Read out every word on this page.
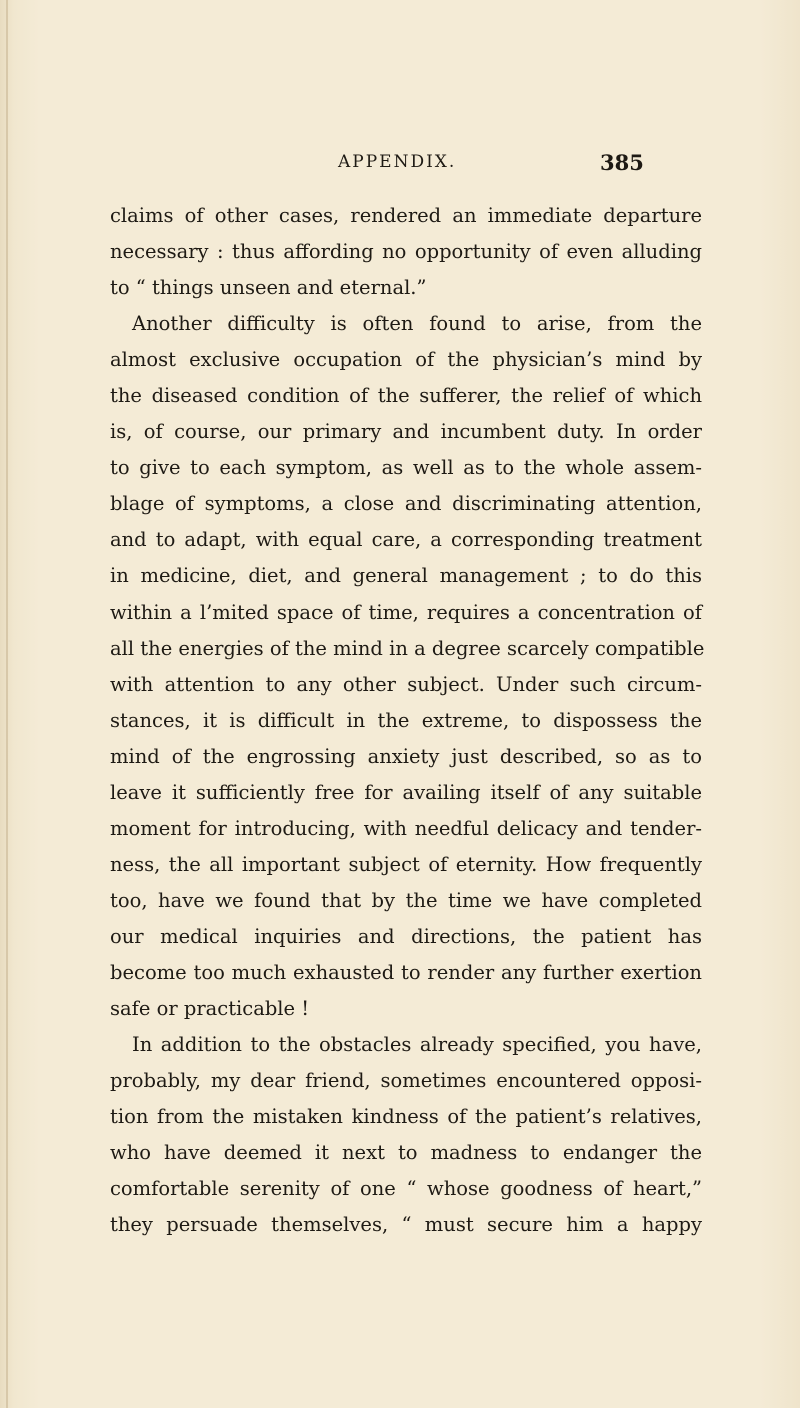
APPENDIX.	385
claims of other cases, rendered an immediate departure
necessary : thus affording no opportunity of even alluding
to “ things unseen and eternal.”
Another difficulty is often found to arise, from the
almost exclusive occupation of the physician’s mind by
the diseased condition of the sufferer, the relief of which
is, of course, our primary and incumbent duty. In order
to give to each symptom, as well as to the whole assem-
blage of symptoms, a close and discriminating attention,
and to adapt, with equal care, a corresponding treatment
in medicine, diet, and general management ; to do this
within a l’mited space of time, requires a concentration of
all the energies of the mind in a degree scarcely compatible
with attention to any other subject. Under such circum-
stances, it is difficult in the extreme, to dispossess the
mind of the engrossing anxiety just described, so as to
leave it sufficiently free for availing itself of any suitable
moment for introducing, with needful delicacy and tender-
ness, the all important subject of eternity. How frequently
too, have we found that by the time we have completed
our medical inquiries and directions, the patient has
become too much exhausted to render any further exertion
safe or practicable !
In addition to the obstacles already specified, you have,
probably, my dear friend, sometimes encountered opposi-
tion from the mistaken kindness of the patient’s relatives,
who have deemed it next to madness to endanger the
comfortable serenity of one “ whose goodness of heart,”
they persuade themselves, “ must secure him a happy
